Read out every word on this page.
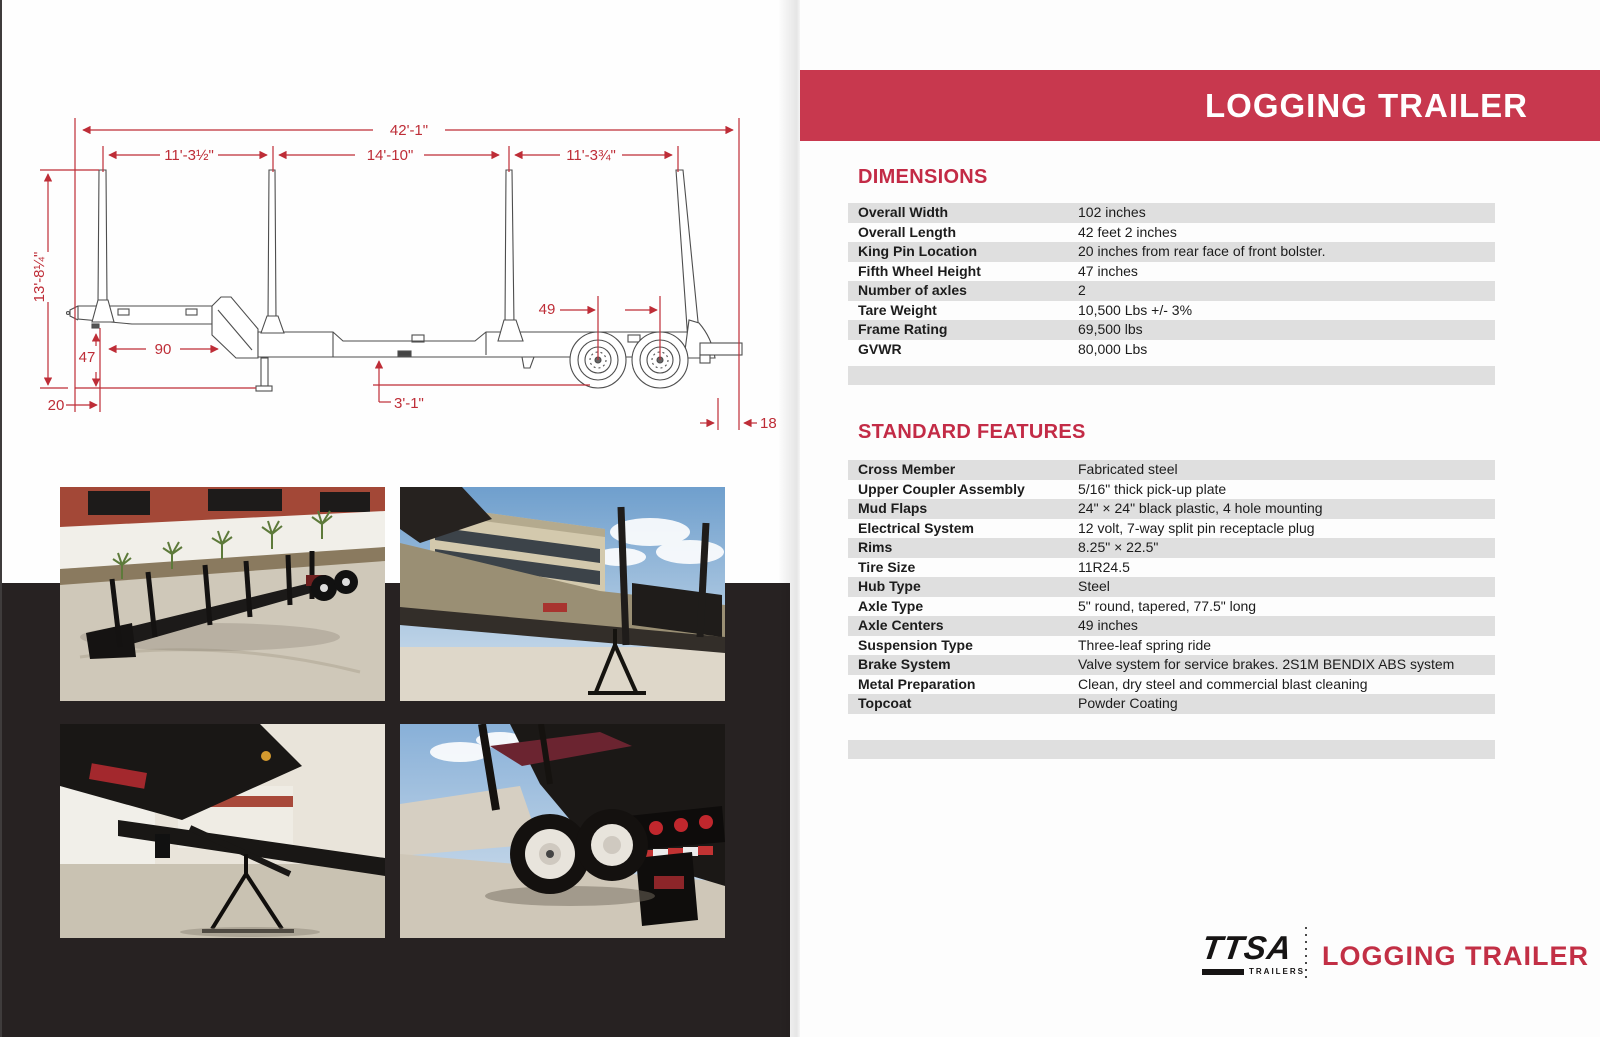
42'-1"
11'-3½"	14'-10"	11'-3¾"
13'-8¼"
47	90
20
49
3'-1"
18
LOGGING TRAILER
DIMENSIONS
Overall Width	102 inches
Overall Length	42 feet 2 inches
King Pin Location	20 inches from rear face of front bolster.
Fifth Wheel Height	47 inches
Number of axles	2
Tare Weight	10,500 Lbs +/- 3%
Frame Rating	69,500 lbs
GVWR	80,000 Lbs
STANDARD FEATURES
Cross Member	Fabricated steel
Upper Coupler Assembly	5/16" thick pick-up plate
Mud Flaps	24" × 24" black plastic, 4 hole mounting
Electrical System	12 volt, 7-way split pin receptacle plug
Rims	8.25" × 22.5"
Tire Size	11R24.5
Hub Type	Steel
Axle Type	5" round, tapered, 77.5" long
Axle Centers	49 inches
Suspension Type	Three-leaf spring ride
Brake System	Valve system for service brakes. 2S1M BENDIX ABS system
Metal Preparation	Clean, dry steel and commercial blast cleaning
Topcoat	Powder Coating
TTSA
TRAILERS
LOGGING TRAILER
